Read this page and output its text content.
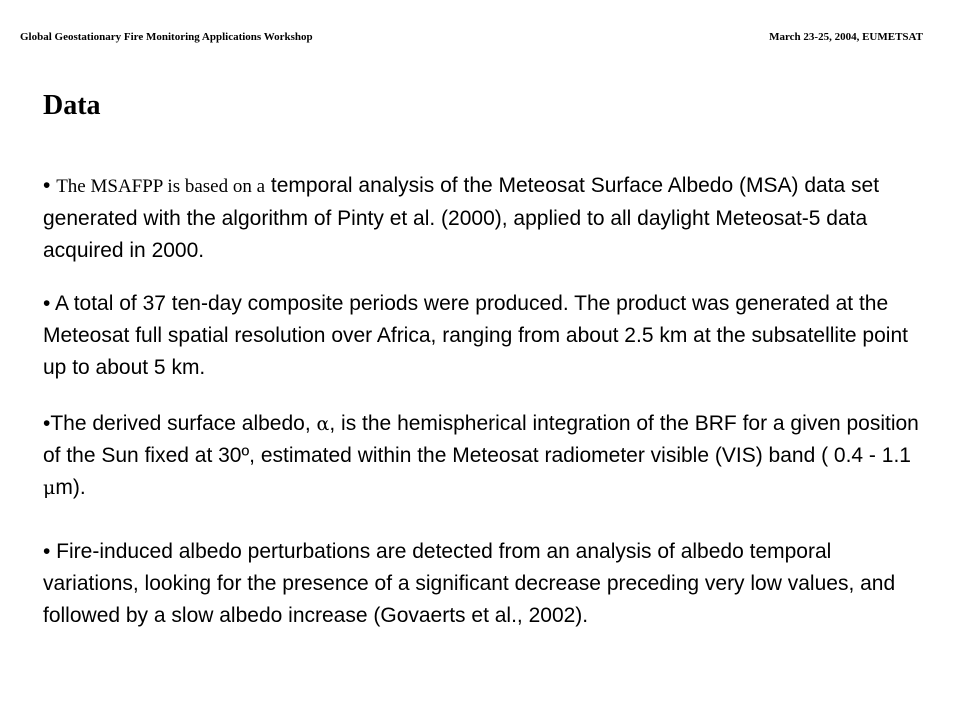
Global Geostationary Fire Monitoring Applications Workshop	March 23-25, 2004, EUMETSAT
Data

• The MSAFPP is based on a temporal analysis of the Meteosat Surface Albedo (MSA) data set generated with the algorithm of Pinty et al. (2000), applied to all daylight Meteosat-5 data acquired in 2000.

• A total of 37 ten-day composite periods were produced. The product was generated at the Meteosat full spatial resolution over Africa, ranging from about 2.5 km at the subsatellite point up to about 5 km.

•The derived surface albedo, α, is the hemispherical integration of the BRF for a given position of the Sun fixed at 30º, estimated within the Meteosat radiometer visible (VIS) band ( 0.4 - 1.1 μm).

• Fire-induced albedo perturbations are detected from an analysis of albedo temporal variations, looking for the presence of a significant decrease preceding very low values, and followed by a slow albedo increase (Govaerts et al., 2002).
